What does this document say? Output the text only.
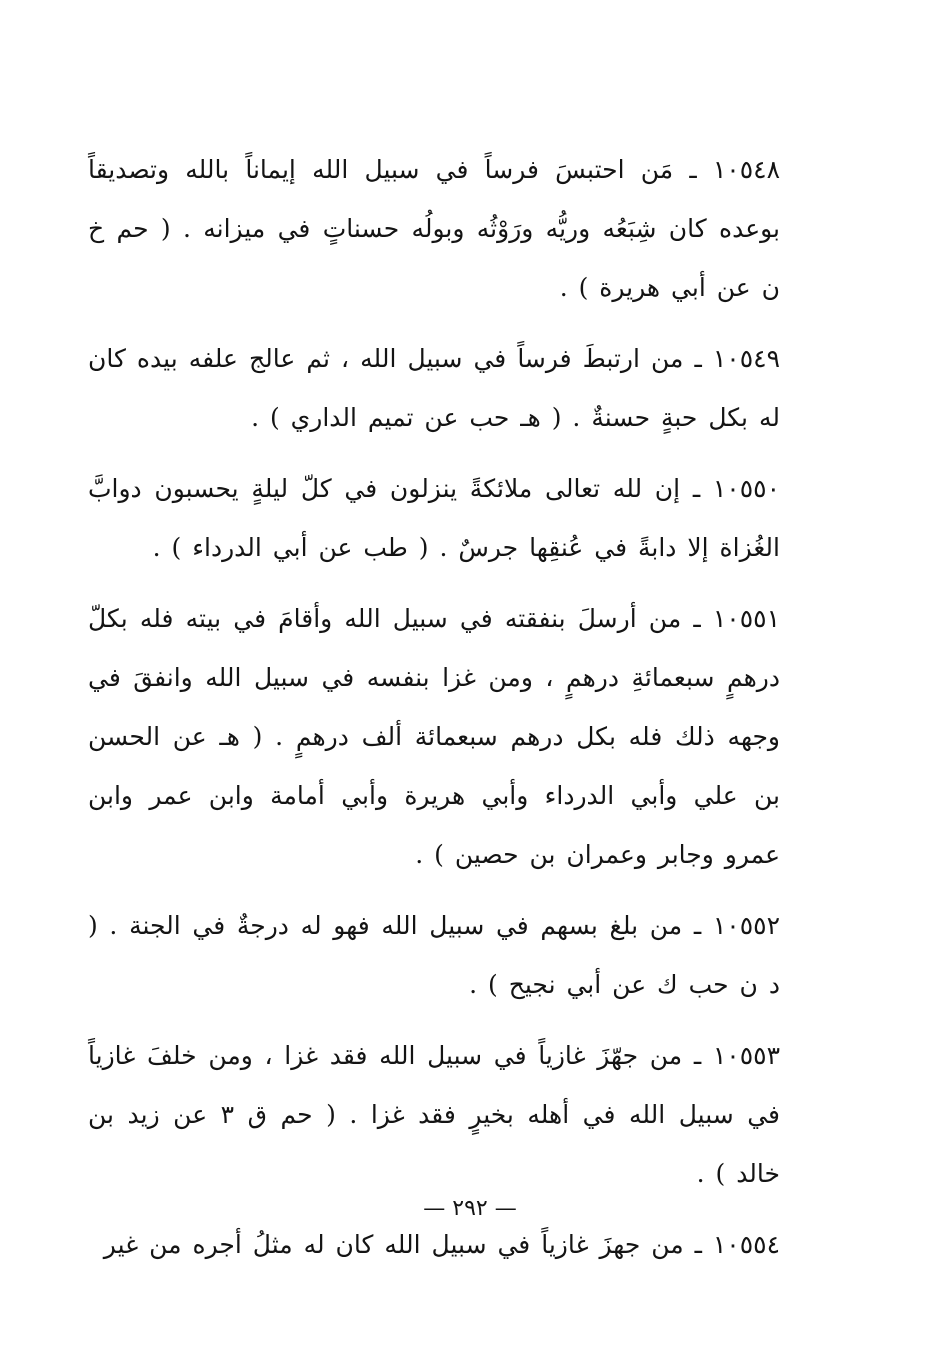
١٠٥٤٨ ـ مَن احتبسَ فرساً في سبيل الله إيماناً بالله وتصديقاً بوعده كان شِبَعُه وريُّه ورَوْثُه وبولُه حسناتٍ في ميزانه . ( حم خ ن عن أبي هريرة ) .

١٠٥٤٩ ـ من ارتبطَ فرساً في سبيل الله ، ثم عالج علفه بيده كان له بكل حبةٍ حسنةٌ . ( هـ حب عن تميم الداري ) .

١٠٥٥٠ ـ إن لله تعالى ملائكةً ينزلون في كلّ ليلةٍ يحسبون دوابَّ الغُزاة إلا دابةً في عُنقِها جرسٌ . ( طب عن أبي الدرداء ) .

١٠٥٥١ ـ من أرسلَ بنفقته في سبيل الله وأقامَ في بيته فله بكلّ درهمٍ سبعمائةِ درهمٍ ، ومن غزا بنفسه في سبيل الله وانفقَ في وجهه ذلك فله بكل درهم سبعمائة ألف درهمٍ . ( هـ عن الحسن بن علي وأبي الدرداء وأبي هريرة وأبي أمامة وابن عمر وابن عمرو وجابر وعمران بن حصين ) .

١٠٥٥٢ ـ من بلغ بسهم في سبيل الله فهو له درجةٌ في الجنة . ( د ن حب ك عن أبي نجيح ) .

١٠٥٥٣ ـ من جهّزَ غازياً في سبيل الله فقد غزا ، ومن خلفَ غازياً في سبيل الله في أهله بخيرٍ فقد غزا . ( حم ق ٣ عن زيد بن خالد ) .

١٠٥٥٤ ـ من جهزَ غازياً في سبيل الله كان له مثلُ أجره من غير

— ٢٩٢ —
